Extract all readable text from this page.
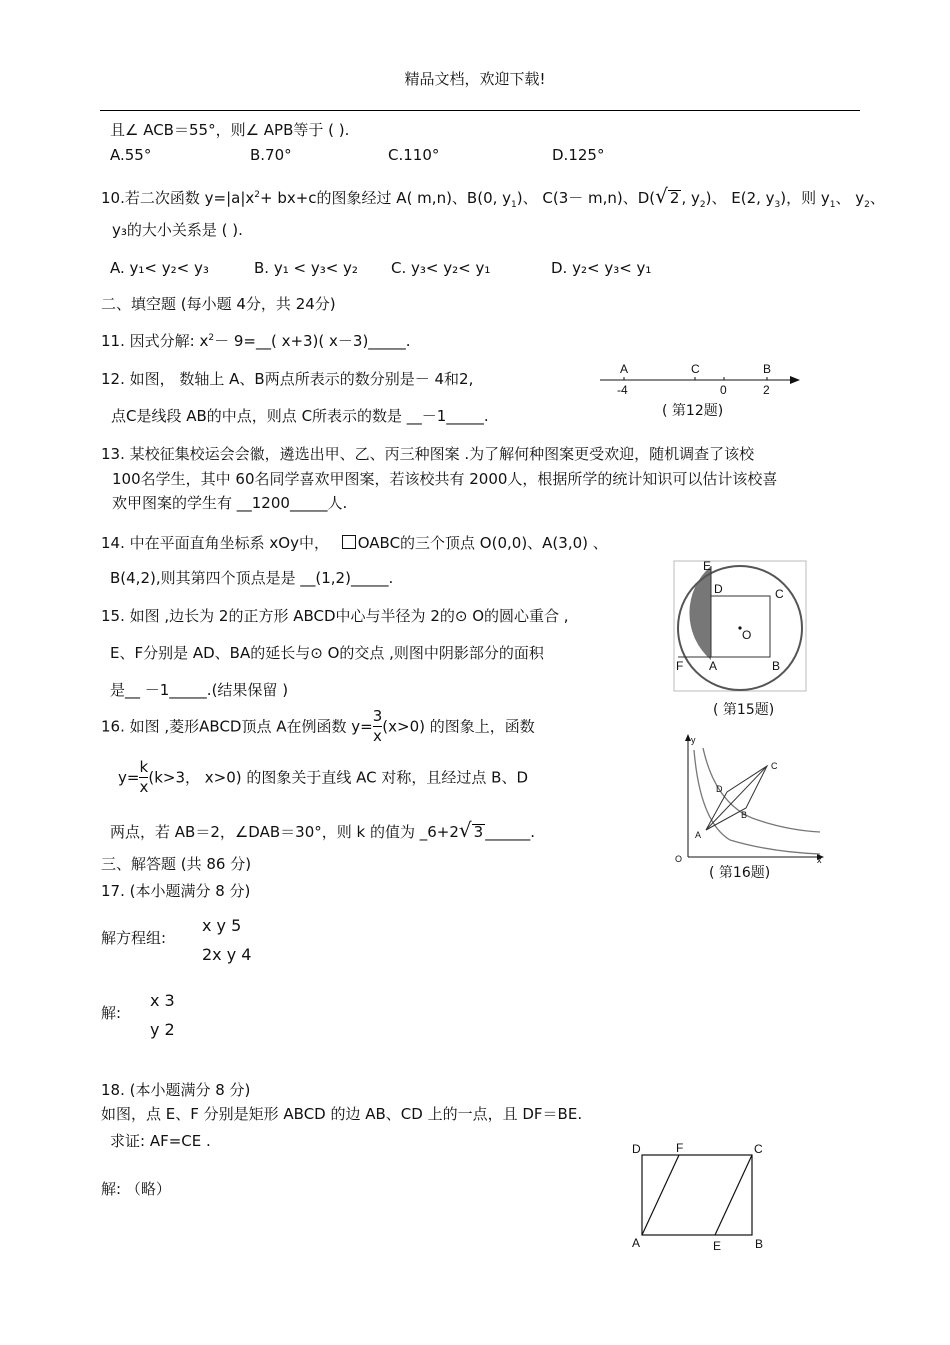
精品文档，欢迎下载!
且∠ ACB＝55°，则∠ APB等于 ( ).
A.55°	B.70°	C.110°	D.125°
10.若二次函数 $y=|a|x^2+ bx+c$的图象经过 A( m,n)、B(0, $y_1$)、 C(3－ m,n)、D(√ 2 , $y_2$)、 E(2, $y_3$)，则 $y_1$、 $y_2$、
y₃的大小关系是 ( ).
A. y₁< y₂< y₃	B. y₁ < y₃< y₂ C. y₃< y₂< y₁	D. y₂< y₃< y₁
二、填空题 (每小题 4分，共 24分)
11. 因式分解: $x^2-$ 9=__( x+3)( x－3)_____.
12. 如图， 数轴上 A、B两点所表示的数分别是－ 4和2,
点C是线段 AB的中点，则点 C所表示的数是 __－1_____.
A	C	B
-4	0	2
( 第12题)
13. 某校征集校运会会徽，遴选出甲、乙、丙三种图案 .为了解何种图案更受欢迎，随机调查了该校
100名学生，其中 60名同学喜欢甲图案，若该校共有 2000人，根据所学的统计知识可以估计该校喜
欢甲图案的学生有 __1200_____人.
14. 中在平面直角坐标系 xOy中， OABC的三个顶点 O(0,0)、A(3,0) 、
B(4,2),则其第四个顶点是是 __(1,2)_____.
15. 如图 ,边长为 2的正方形 ABCD中心与半径为 2的⊙ O的圆心重合 ,
E、F分别是 AD、BA的延长与⊙ O的交点 ,则图中阴影部分的面积
是__ －1_____.(结果保留 )
E
D	C
O
F A	B
( 第15题)
16. 如图 ,菱形ABCD顶点 A在例函数 $y= \frac{3}{x} (x>0)$ 的图象上，函数
$y= \frac{k}{x} (k>3$， x>0) 的图象关于直线 AC 对称，且经过点 B、D
两点，若 AB＝2，∠DAB＝30°，则 k 的值为 _6+2√ 3 ______.
y
C
D
B
A
O	x
( 第16题)
三、解答题 (共 86 分)
17. (本小题满分 8 分)
解方程组:
x y 5
2x y 4
解:
x 3
y 2
18. (本小题满分 8 分)
如图，点 E、F 分别是矩形 ABCD 的边 AB、CD 上的一点，且 DF＝BE.
求证: AF=CE .
解: （略）
D	F	C
A	E	B
